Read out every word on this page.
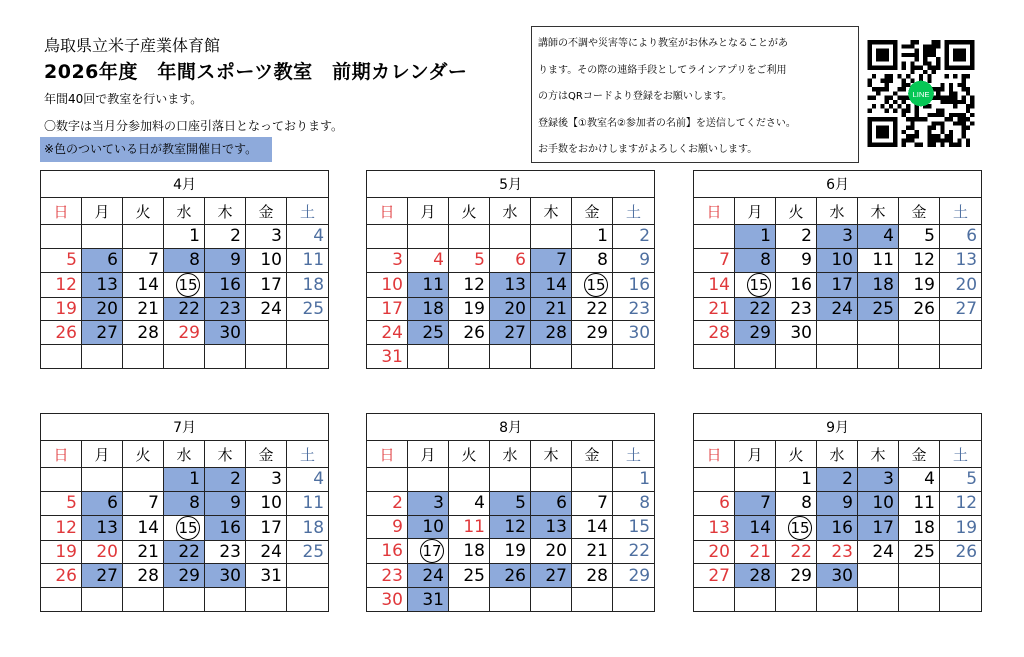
鳥取県立米子産業体育館
2026年度　年間スポーツ教室　前期カレンダー
年間40回で教室を行います。
〇数字は当月分参加料の口座引落日となっております。
※色のついている日が教室開催日です。
講師の不調や災害等により教室がお休みとなることがあ
ります。その際の連絡手段としてラインアプリをご利用
の方はQRコードより登録をお願いします。
登録後【①教室名②参加者の名前】を送信してください。
お手数をおかけしますがよろしくお願いします。
LINE
4月						
日	月	火	水	木	金	土
			1	2	3	4
5	6	7	8	9	10	11
12	13	14	15	16	17	18
19	20	21	22	23	24	25
26	27	28	29	30		

5月						
日	月	火	水	木	金	土
					1	2
3	4	5	6	7	8	9
10	11	12	13	14	15	16
17	18	19	20	21	22	23
24	25	26	27	28	29	30
31						
6月						
日	月	火	水	木	金	土
	1	2	3	4	5	6
7	8	9	10	11	12	13
14	15	16	17	18	19	20
21	22	23	24	25	26	27
28	29	30				

7月						
日	月	火	水	木	金	土
			1	2	3	4
5	6	7	8	9	10	11
12	13	14	15	16	17	18
19	20	21	22	23	24	25
26	27	28	29	30	31	

8月						
日	月	火	水	木	金	土
						1
2	3	4	5	6	7	8
9	10	11	12	13	14	15
16	17	18	19	20	21	22
23	24	25	26	27	28	29
30	31					
9月						
日	月	火	水	木	金	土
		1	2	3	4	5
6	7	8	9	10	11	12
13	14	15	16	17	18	19
20	21	22	23	24	25	26
27	28	29	30			
